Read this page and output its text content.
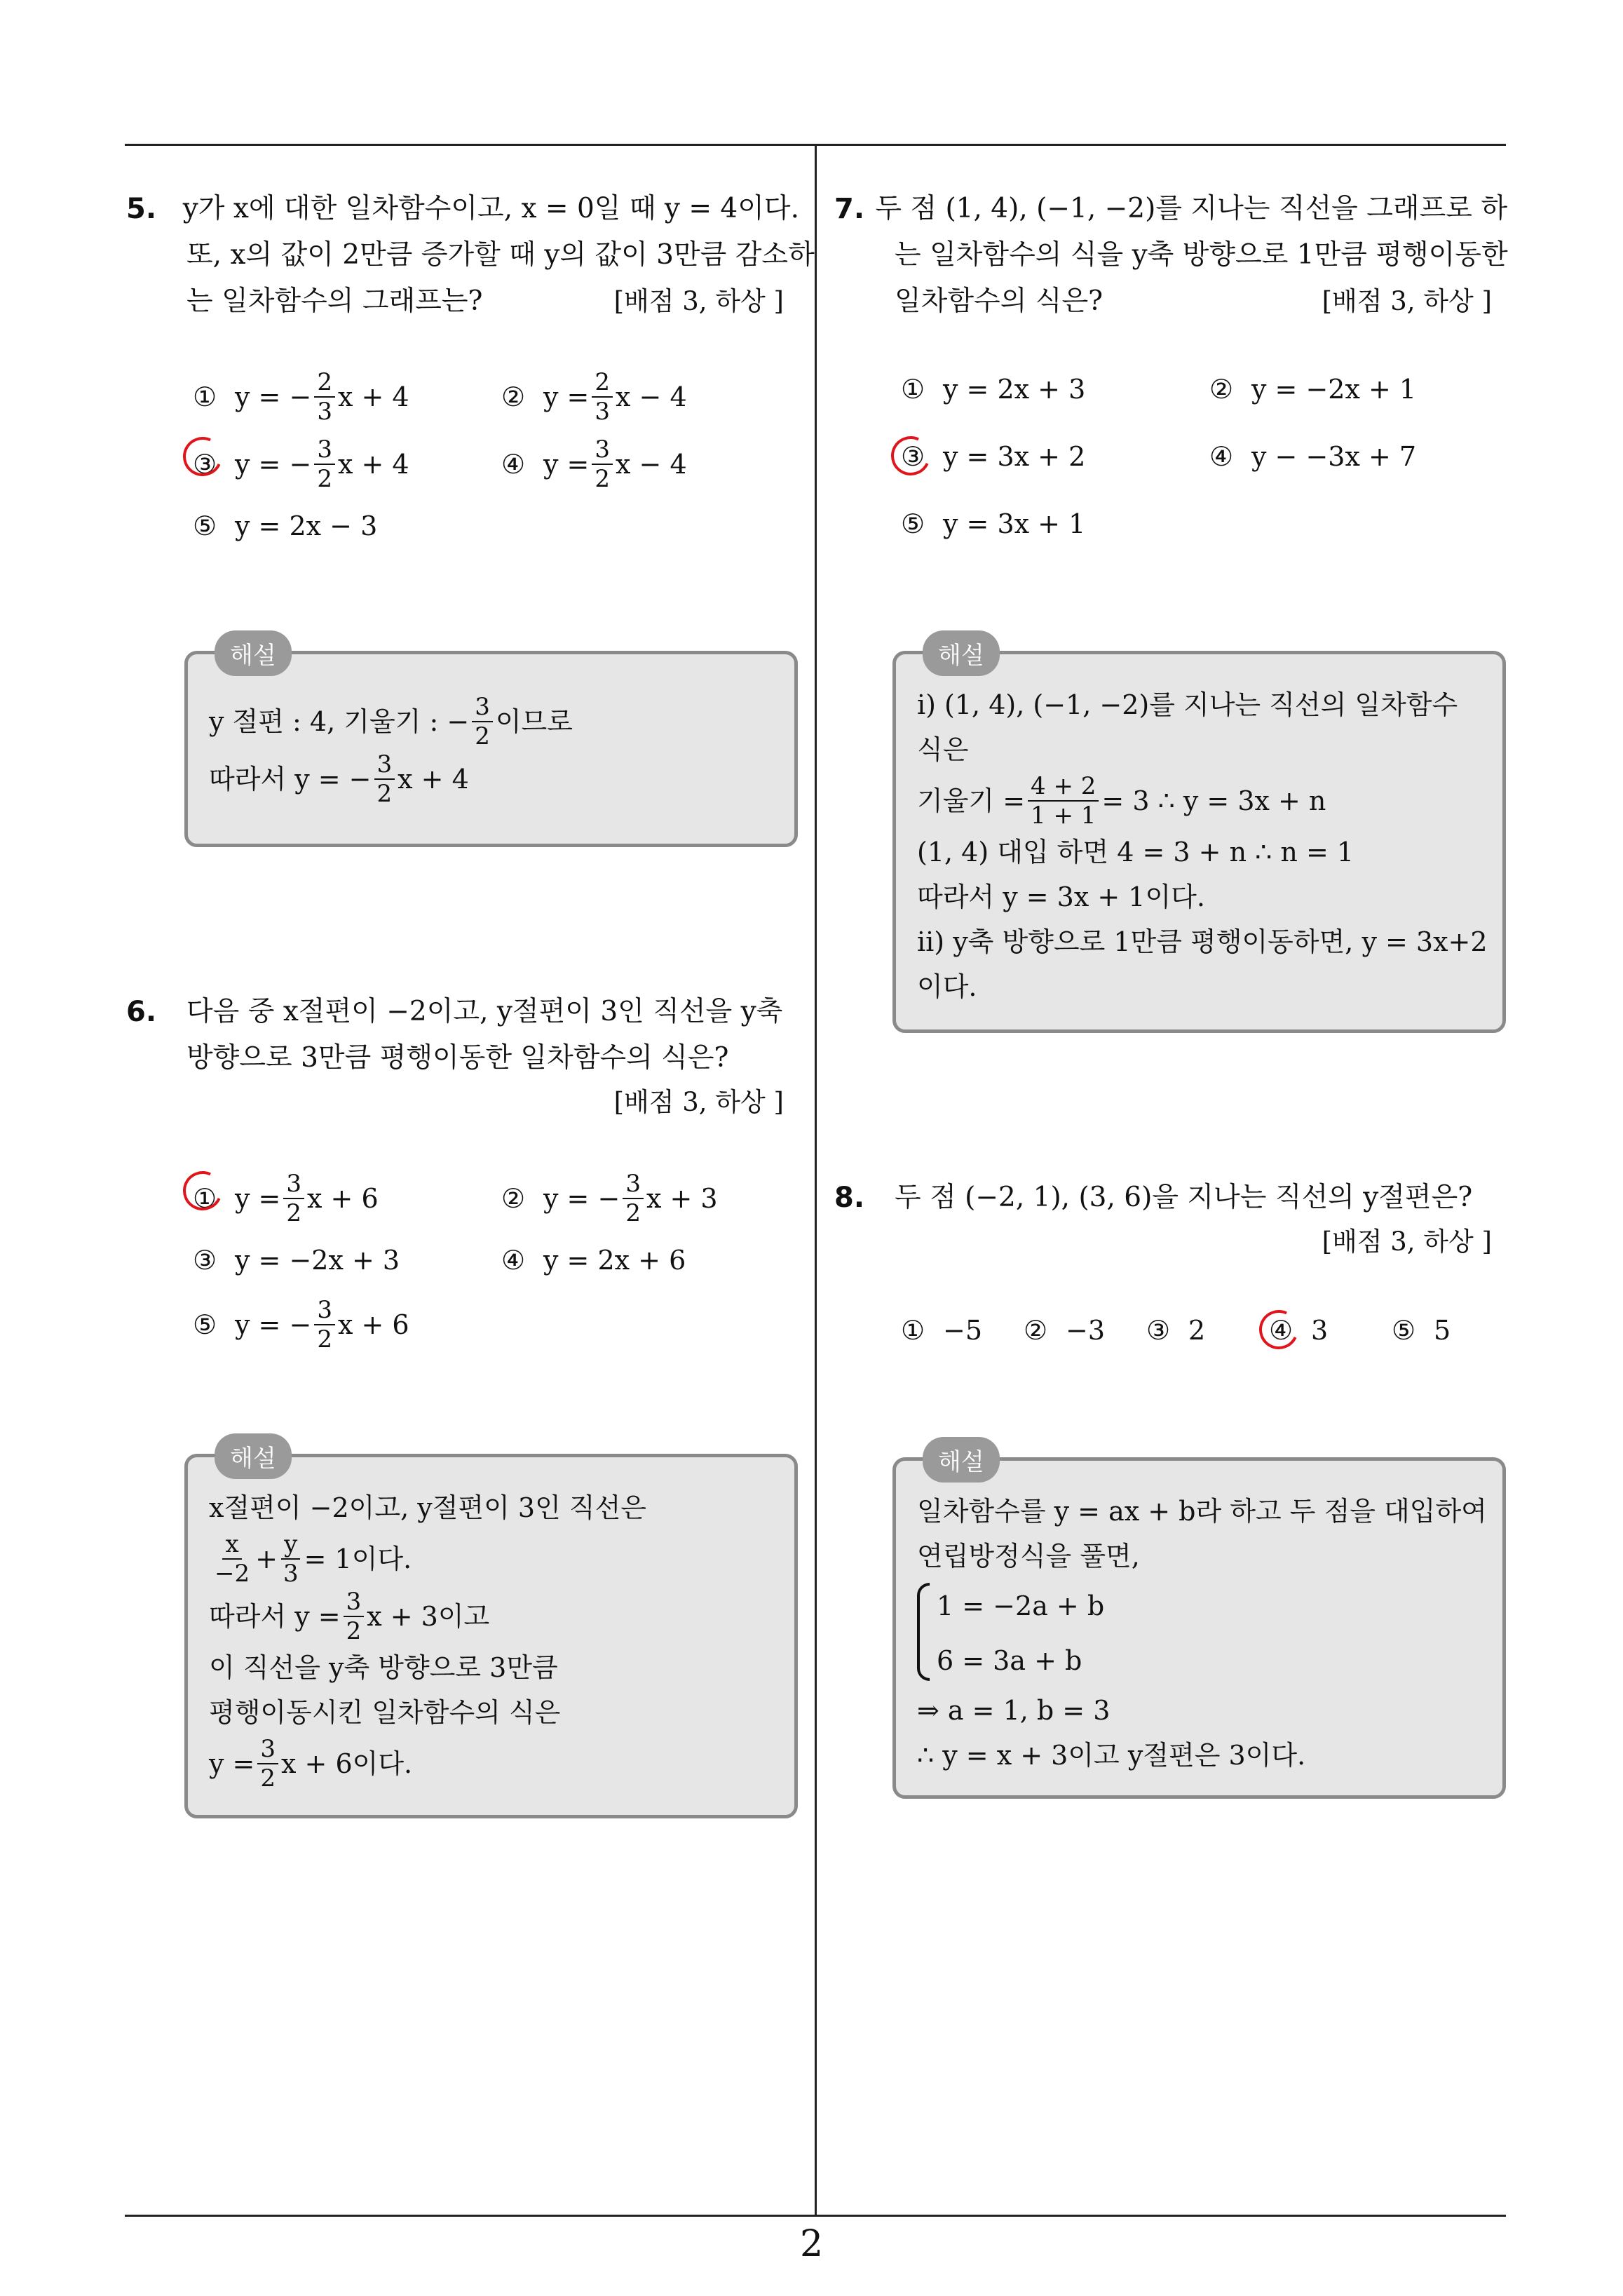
5. y가 x에 대한 일차함수이고, x = 0일 때 y = 4이다.
또, x의 값이 2만큼 증가할 때 y의 값이 3만큼 감소하
는 일차함수의 그래프는?	[배점 3, 하상 ]
① y = − $\frac{2}{3}$ x + 4	② $y = \frac{2}{3}$ x − 4
③ y = − $\frac{3}{2}$ x + 4	④ $y = \frac{3}{2}$ x − 4
⑤ y = 2x − 3
해설
y 절편 : 4, 기울기 : − $\frac{3}{2}$ 이므로
따라서 y = − $\frac{3}{2}$ x + 4
6.	다음 중 x절편이 −2이고, y절편이 3인 직선을 y축
방향으로 3만큼 평행이동한 일차함수의 식은?
[배점 3, 하상 ]
① $y = \frac{3}{2}$ x + 6	② y = − $\frac{3}{2}$ x + 3
③ y = −2x + 3	④ y = 2x + 6
⑤ y = − $\frac{3}{2}$ x + 6
해설
x절편이 −2이고, y절편이 3인 직선은
$\frac{x}{-2} + \frac{y}{3} = 1$이다.
따라서 $y = \frac{3}{2}$ x + 3이고
이 직선을 y축 방향으로 3만큼
평행이동시킨 일차함수의 식은
$y = \frac{3}{2}$ x + 6이다.
7. 두 점 (1, 4), (−1, −2)를 지나는 직선을 그래프로 하
는 일차함수의 식을 y축 방향으로 1만큼 평행이동한
일차함수의 식은?	[배점 3, 하상 ]
① y = 2x + 3	② y = −2x + 1
③ y = 3x + 2	④ y − −3x + 7
⑤ y = 3x + 1
해설
ⅰ) (1, 4), (−1, −2)를 지나는 직선의 일차함수
식은
기울기 = $\frac{4 + 2}{1 + 1} = 3$ ∴ y = 3x + n
(1, 4) 대입 하면 4 = 3 + n ∴ n = 1
따라서 y = 3x + 1이다.
ⅱ) y축 방향으로 1만큼 평행이동하면, y = 3x+2
이다.
8.	두 점 (−2, 1), (3, 6)을 지나는 직선의 y절편은?
[배점 3, 하상 ]
① −5 ② −3 ③ 2 ④ 3 ⑤ 5
해설
일차함수를 y = ax + b라 하고 두 점을 대입하여
연립방정식을 풀면,
1 = −2a + b
6 = 3a + b
⇒ a = 1, b = 3
∴ y = x + 3이고 y절편은 3이다.
2
